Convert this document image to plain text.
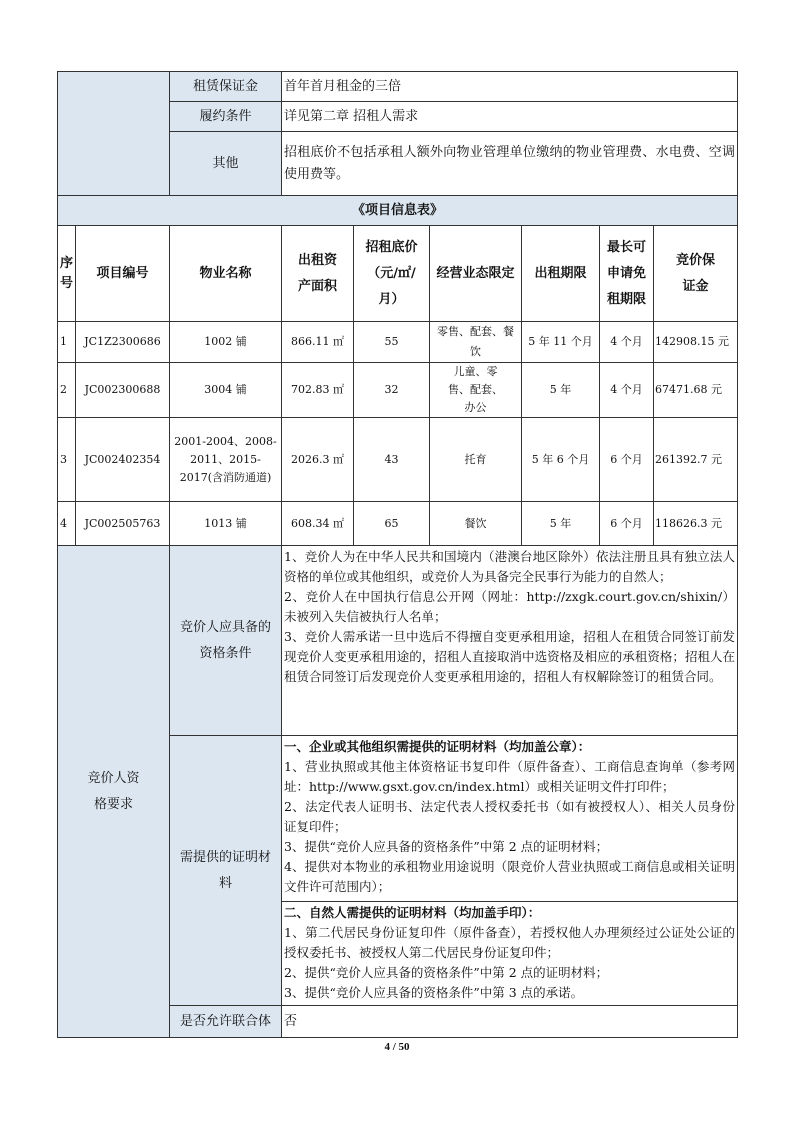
		租赁保证金	首年首月租金的三倍					
		履约条件	详见第二章 招租人需求					
		其他	招租底价不包括承租人额外向物业管理单位缴纳的物业管理费、水电费、空调使用费等。					
《项目信息表》								
序号	项目编号	物业名称	出租资产面积	招租底价（元/㎡/月）	经营业态限定	出租期限	最长可申请免租期限	竞价保证金
1	JC1Z2300686	1002 铺	866.11 ㎡	55	零售、配套、餐饮	5 年 11 个月	4 个月	142908.15 元
2	JC002300688	3004 铺	702.83 ㎡	32	儿童、零售、配套、办公	5 年	4 个月	67471.68 元
3	JC002402354	2001-2004、2008-2011、2015-2017(含消防通道)	2026.3 ㎡	43	托育	5 年 6 个月	6 个月	261392.7 元
4	JC002505763	1013 铺	608.34 ㎡	65	餐饮	5 年	6 个月	118626.3 元
竞价人资格要求		竞价人应具备的资格条件	1、竞价人为在中华人民共和国境内（港澳台地区除外）依法注册且具有独立法人资格的单位或其他组织，或竞价人为具备完全民事行为能力的自然人；
2、竞价人在中国执行信息公开网（网址：http://zxgk.court.gov.cn/shixin/）未被列入失信被执行人名单；
3、竞价人需承诺一旦中选后不得擅自变更承租用途，招租人在租赁合同签订前发现竞价人变更承租用途的，招租人直接取消中选资格及相应的承租资格；招租人在租赁合同签订后发现竞价人变更承租用途的，招租人有权解除签订的租赁合同。					

		需提供的证明材料	一、企业或其他组织需提供的证明材料（均加盖公章）：
1、营业执照或其他主体资格证书复印件（原件备查）、工商信息查询单（参考网址：http://www.gsxt.gov.cn/index.html）或相关证明文件打印件；
2、法定代表人证明书、法定代表人授权委托书（如有被授权人）、相关人员身份证复印件；
3、提供“竞价人应具备的资格条件”中第 2 点的证明材料；
4、提供对本物业的承租物业用途说明（限竞价人营业执照或工商信息或相关证明文件许可范围内）；					

			二、自然人需提供的证明材料（均加盖手印）：
1、第二代居民身份证复印件（原件备查），若授权他人办理须经过公证处公证的授权委托书、被授权人第二代居民身份证复印件；
2、提供“竞价人应具备的资格条件”中第 2 点的证明材料；
3、提供“竞价人应具备的资格条件”中第 3 点的承诺。					

		是否允许联合体	否					
4 / 50
